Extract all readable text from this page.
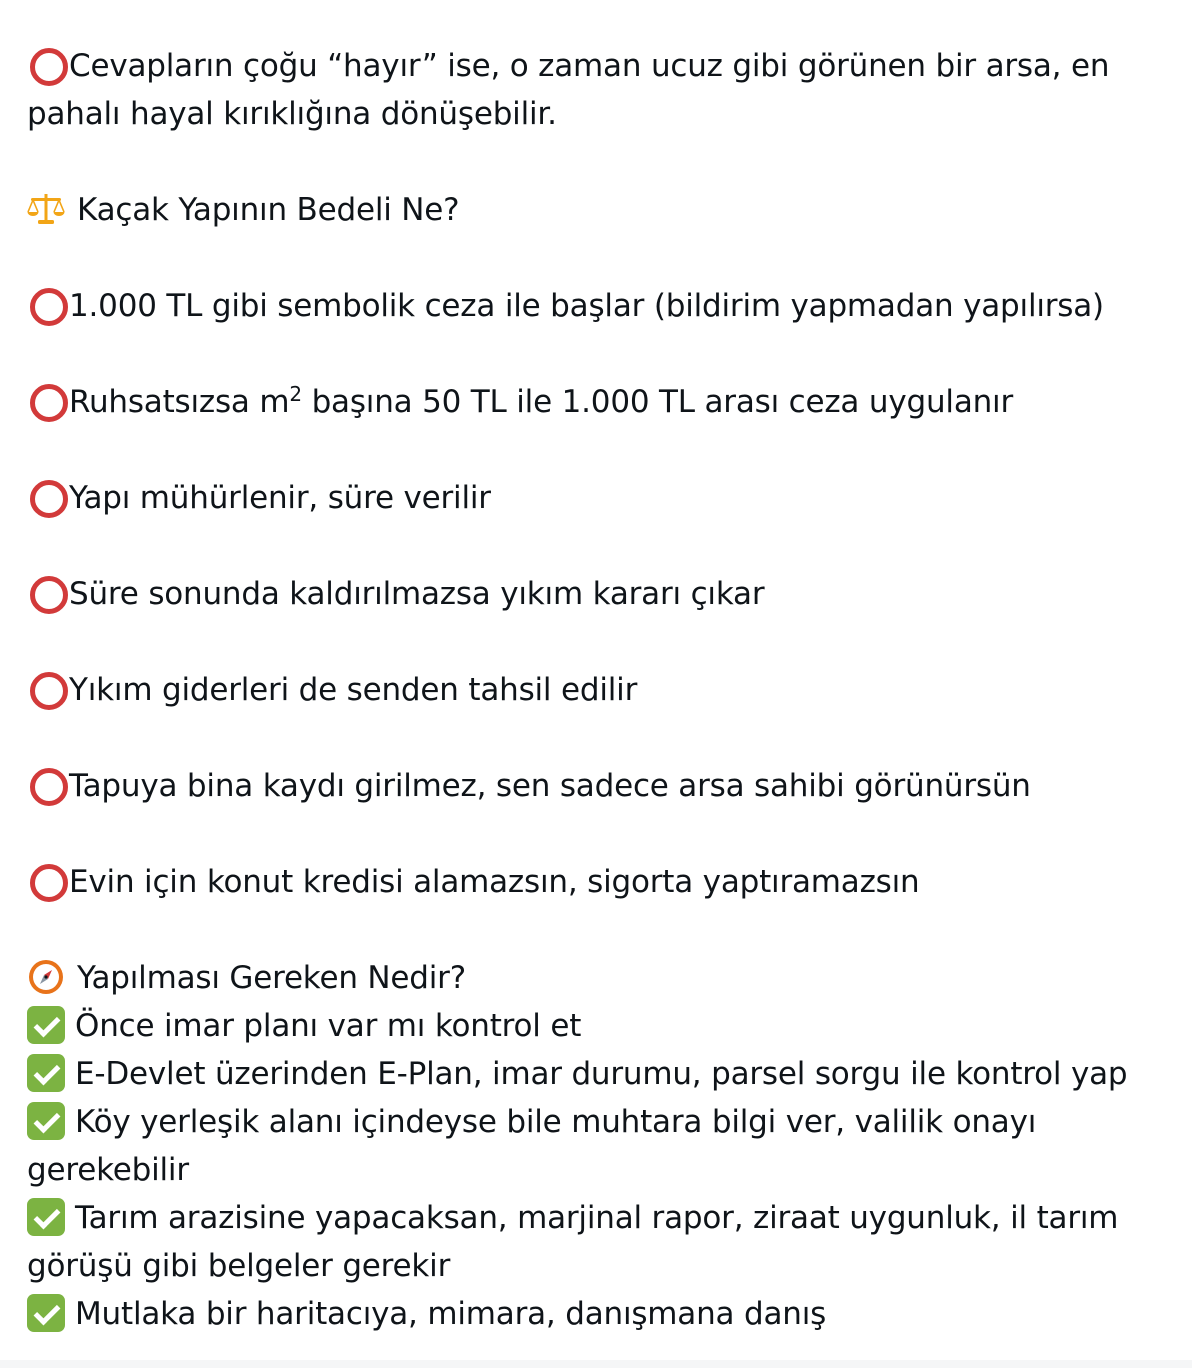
Cevapların çoğu “hayır” ise, o zaman ucuz gibi görünen bir arsa, en
pahalı hayal kırıklığına dönüşebilir.
Kaçak Yapının Bedeli Ne?
1.000 TL gibi sembolik ceza ile başlar (bildirim yapmadan yapılırsa)
Ruhsatsızsa $m^2$ başına 50 TL ile 1.000 TL arası ceza uygulanır
Yapı mühürlenir, süre verilir
Süre sonunda kaldırılmazsa yıkım kararı çıkar
Yıkım giderleri de senden tahsil edilir
Tapuya bina kaydı girilmez, sen sadece arsa sahibi görünürsün
Evin için konut kredisi alamazsın, sigorta yaptıramazsın
Yapılması Gereken Nedir?
Önce imar planı var mı kontrol et
E-Devlet üzerinden E-Plan, imar durumu, parsel sorgu ile kontrol yap
Köy yerleşik alanı içindeyse bile muhtara bilgi ver, valilik onayı
gerekebilir
Tarım arazisine yapacaksan, marjinal rapor, ziraat uygunluk, il tarım
görüşü gibi belgeler gerekir
Mutlaka bir haritacıya, mimara, danışmana danış
